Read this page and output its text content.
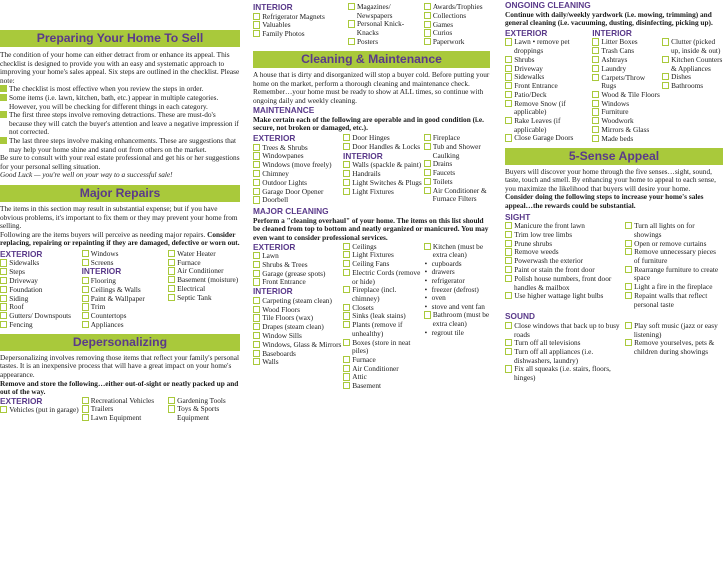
Preparing Your Home To Sell

The condition of your home can either detract from or enhance its appeal. This checklist is designed to provide you with an easy and systematic approach to improving your home's sales appeal. Six steps are outlined in the checklist. Please note:

The checklist is most effective when you review the steps in order.
Some items (i.e. lawn, kitchen, bath, etc.) appear in multiple categories. However, you will be checking for different things in each category.
The first three steps involve removing detractions. These are must-do's because they will catch the buyer's attention and leave a negative impression if not corrected.
The last three steps involve making enhancements. These are suggestions that may help your home shine and stand out from others on the market.

Be sure to consult with your real estate professional and get his or her suggestions for your personal selling situation.

Good Luck — you're well on your way to a successful sale!

Major Repairs

The items in this section may result in substantial expense; but if you have obvious problems, it's important to fix them or they may prevent your home from selling.

Following are the items buyers will perceive as needing major repairs. Consider replacing, repairing or repainting if they are damaged, defective or worn out.

EXTERIOR
Sidewalks
Steps
Driveway
Foundation
Siding
Roof
Gutters/ Downspouts
Fencing
Windows
Screens
INTERIOR
Flooring
Ceilings & Walls
Paint & Wallpaper
Trim
Countertops
Appliances
Water Heater
Furnace
Air Conditioner
Basement (moisture)
Electrical
Septic Tank
Depersonalizing

Depersonalizing involves removing those items that reflect your family's personal tastes. It is an inexpensive process that will have a great impact on your home's appearance.

Remove and store the following…either out-of-sight or neatly packed up and out of the way.

EXTERIOR
Vehicles (put in garage)
Recreational Vehicles
Trailers
Lawn Equipment
Gardening Tools
Toys & Sports Equipment
INTERIOR
Refrigerator Magnets
Valuables
Family Photos
Magazines/ Newspapers
Personal Knick-Knacks
Posters
Awards/Trophies
Collections
Games
Curios
Paperwork
Cleaning & Maintenance

A house that is dirty and disorganized will stop a buyer cold. Before putting your home on the market, perform a thorough cleaning and maintenance check. Remember…your home must be ready to show at ALL times, so continue with ongoing daily and weekly cleaning.

MAINTENANCE

Make certain each of the following are operable and in good condition (i.e. secure, not broken or damaged, etc.).

EXTERIOR
Trees & Shrubs
Windowpanes
Windows (move freely)
Chimney
Outdoor Lights
Garage Door Opener
Doorbell
Door Hinges
Door Handles & Locks
INTERIOR
Walls (spackle & paint)
Handrails
Light Switches & Plugs
Light Fixtures
Fireplace
Tub and Shower Caulking
Drains
Faucets
Toilets
Air Conditioner & Furnace Filters
MAJOR CLEANING

Perform a "cleaning overhaul" of your home. The items on this list should be cleaned from top to bottom and neatly organized or manicured. You may even want to consider professional services.

EXTERIOR
Lawn
Shrubs & Trees
Garage (grease spots)
Front Entrance
INTERIOR
Carpeting (steam clean)
Wood Floors
Tile Floors (wax)
Drapes (steam clean)
Window Sills
Windows, Glass & Mirrors
Baseboards
Walls
Ceilings
Light Fixtures
Ceiling Fans
Electric Cords (remove or hide)
Fireplace (incl. chimney)
Closets
Sinks (leak stains)
Plants (remove if unhealthy)
Boxes (store in neat piles)
Furnace
Air Conditioner
Attic
Basement
Kitchen (must be extra clean)
• cupboards
• drawers
• refrigerator
• freezer (defrost)
• oven
• stove and vent fan
Bathroom (must be extra clean)
• regrout tile
ONGOING CLEANING

Continue with daily/weekly yardwork (i.e. mowing, trimming) and general cleaning (i.e. vacuuming, dusting, disinfecting, picking up).

EXTERIOR
Lawn • remove pet droppings
Shrubs
Driveway
Sidewalks
Front Entrance
Patio/Deck
Remove Snow (if applicable)
Rake Leaves (if applicable)
Close Garage Doors
INTERIOR
Litter Boxes
Trash Cans
Ashtrays
Laundry
Carpets/Throw Rugs
Wood & Tile Floors
Windows
Furniture
Woodwork
Mirrors & Glass
Made beds
Clutter (picked up, inside & out)
Kitchen Counters & Appliances
Dishes
Bathrooms
5-Sense Appeal

Buyers will discover your home through the five senses…sight, sound, taste, touch and smell. By enhancing your home to appeal to each sense, you maximize the likelihood that buyers will desire your home.

Consider doing the following steps to increase your home's sales appeal…the rewards could be substantial.

SIGHT
Manicure the front lawn
Trim low tree limbs
Prune shrubs
Remove weeds
Powerwash the exterior
Paint or stain the front door
Polish house numbers, front door handles & mailbox
Use higher wattage light bulbs
Turn all lights on for showings
Open or remove curtains
Remove unnecessary pieces of furniture
Rearrange furniture to create space
Light a fire in the fireplace
Repaint walls that reflect personal taste
SOUND
Close windows that back up to busy roads
Turn off all televisions
Turn off all appliances (i.e. dishwashers, laundry)
Fix all squeaks (i.e. stairs, floors, hinges)
Play soft music (jazz or easy listening)
Remove yourselves, pets & children during showings
